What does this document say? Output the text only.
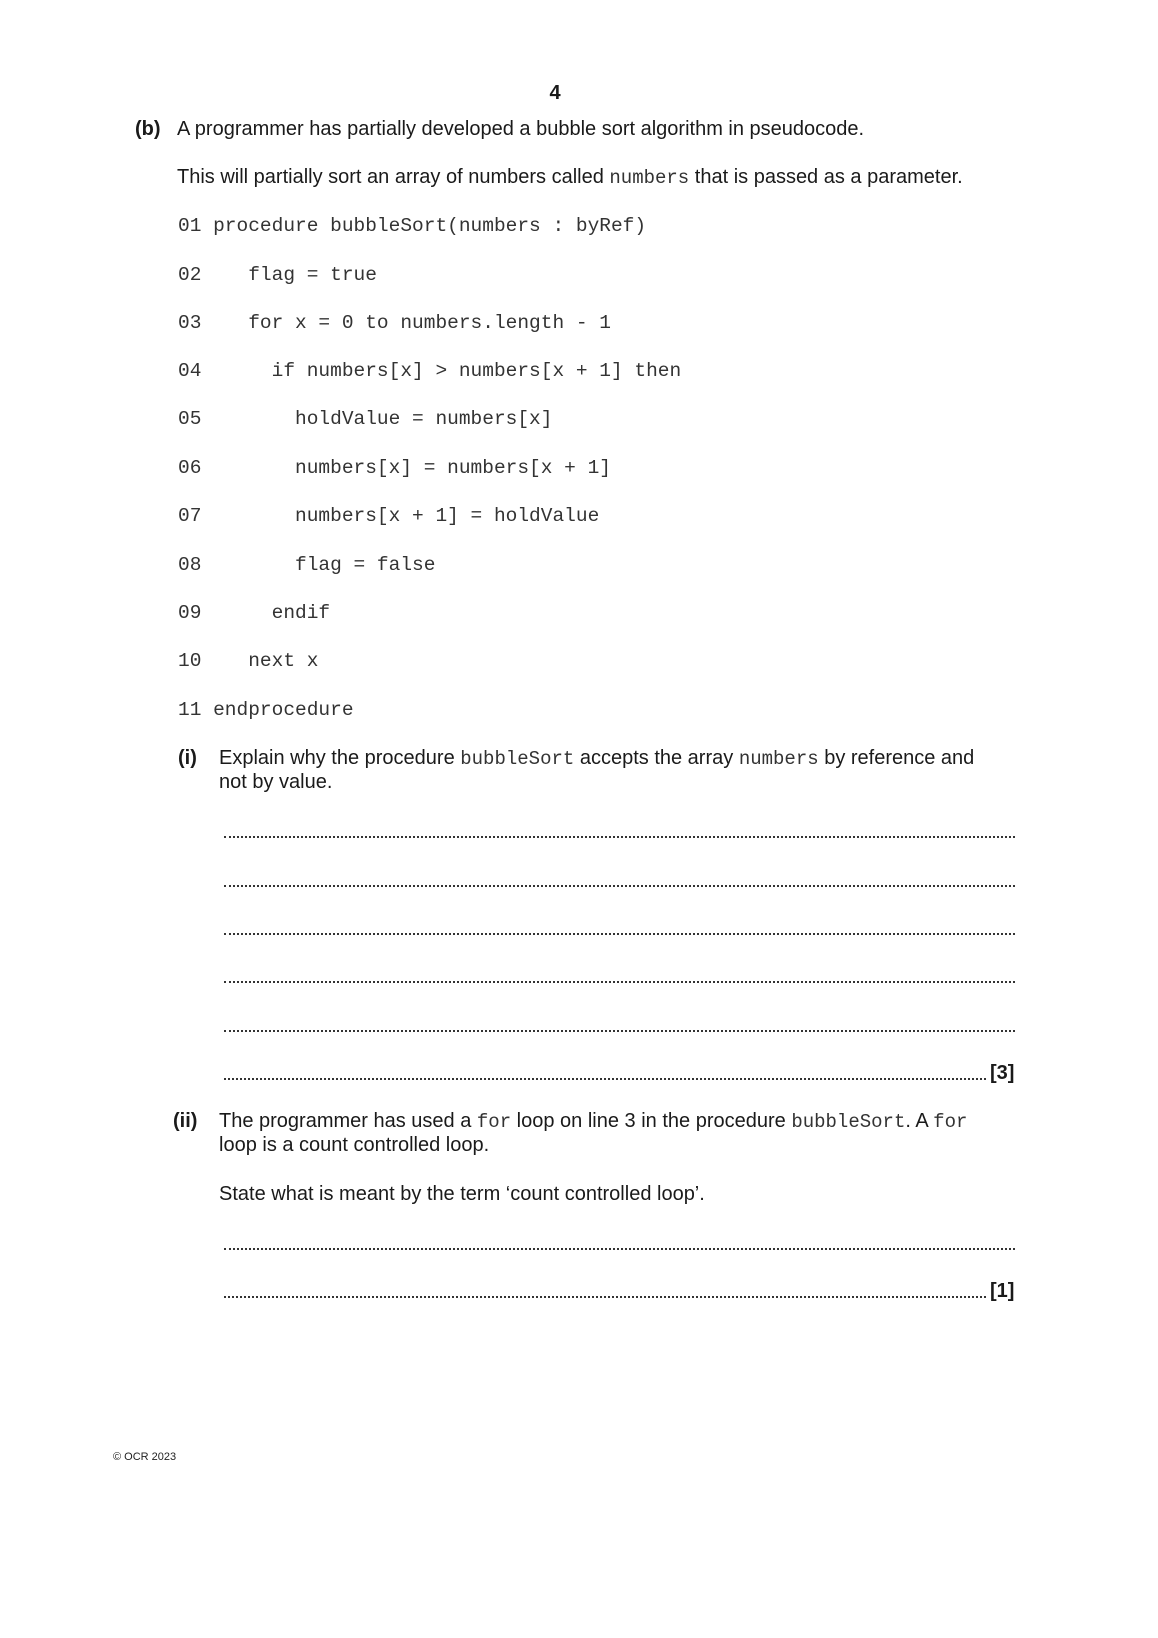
4
(b) A programmer has partially developed a bubble sort algorithm in pseudocode.
This will partially sort an array of numbers called numbers that is passed as a parameter.
01 procedure bubbleSort(numbers : byRef)
02    flag = true
03    for x = 0 to numbers.length - 1
04      if numbers[x] > numbers[x + 1] then
05        holdValue = numbers[x]
06        numbers[x] = numbers[x + 1]
07        numbers[x + 1] = holdValue
08        flag = false
09      endif
10    next x
11 endprocedure
(i) Explain why the procedure bubbleSort accepts the array numbers by reference and
not by value.
[3]
(ii) The programmer has used a for loop on line 3 in the procedure bubbleSort. A for
loop is a count controlled loop.
State what is meant by the term ‘count controlled loop’.
[1]
© OCR 2023
